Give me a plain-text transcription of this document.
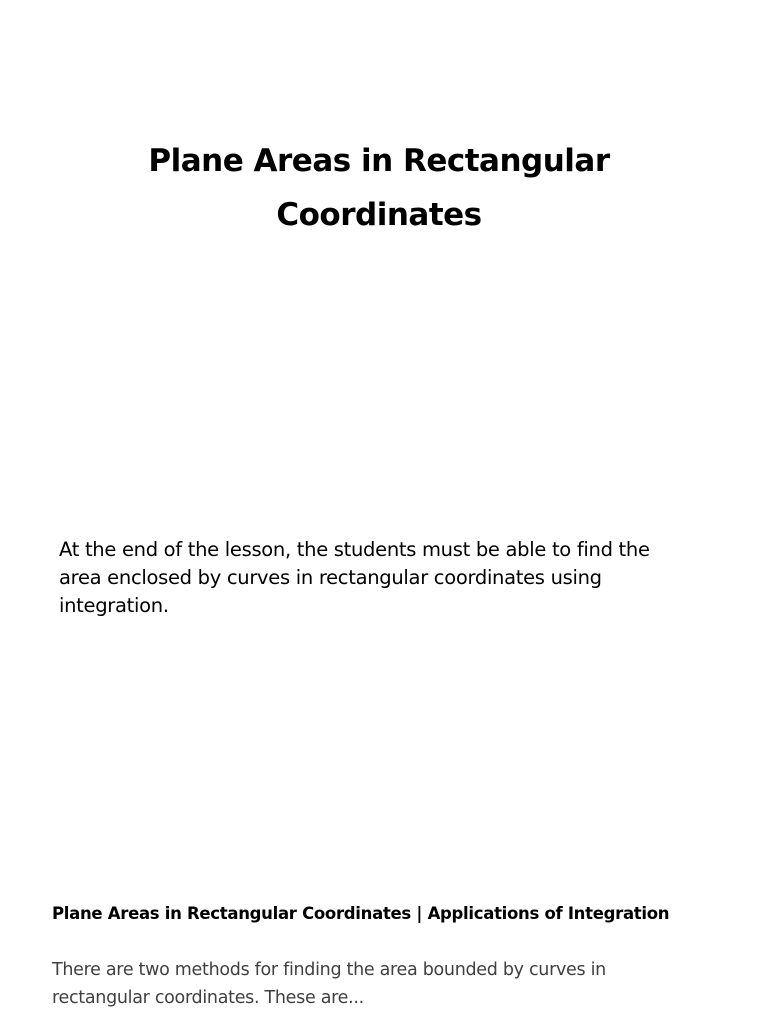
Plane Areas in Rectangular
Coordinates

At the end of the lesson, the students must be able to find the
area enclosed by curves in rectangular coordinates using
integration.

Plane Areas in Rectangular Coordinates | Applications of Integration

There are two methods for finding the area bounded by curves in
rectangular coordinates. These are...
